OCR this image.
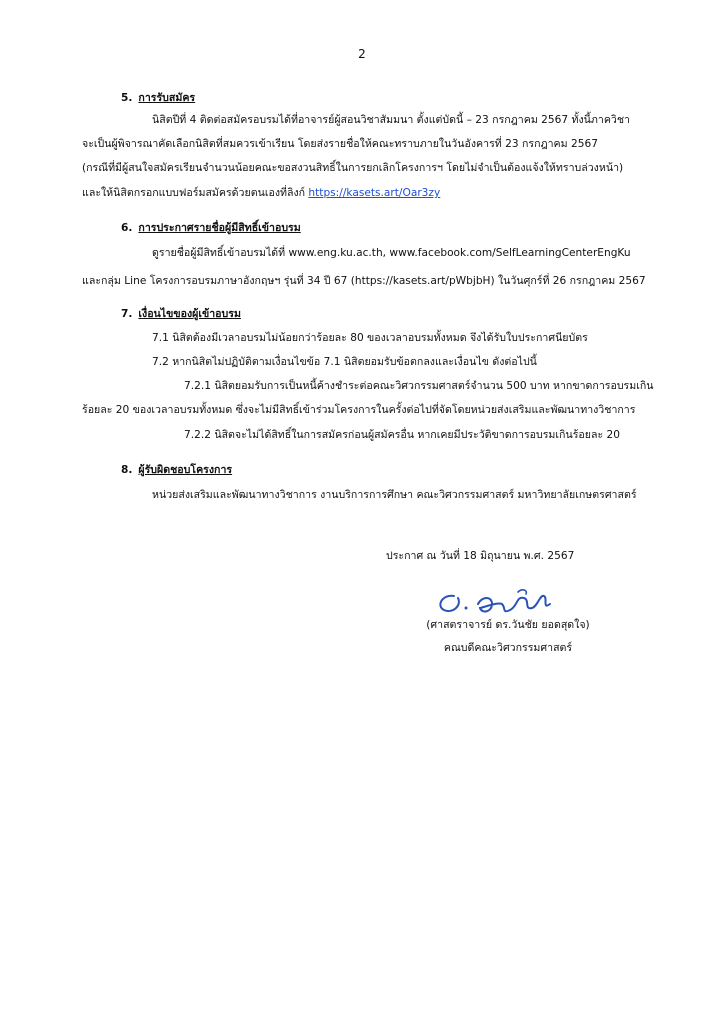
2
5. การรับสมัคร
นิสิตปีที่ 4 ติดต่อสมัครอบรมได้ที่อาจารย์ผู้สอนวิชาสัมมนา ตั้งแต่บัดนี้ – 23 กรกฎาคม 2567 ทั้งนี้ภาควิชา
จะเป็นผู้พิจารณาคัดเลือกนิสิตที่สมควรเข้าเรียน โดยส่งรายชื่อให้คณะทราบภายในวันอังคารที่ 23 กรกฎาคม 2567
(กรณีที่มีผู้สนใจสมัครเรียนจำนวนน้อยคณะขอสงวนสิทธิ์ในการยกเลิกโครงการฯ โดยไม่จำเป็นต้องแจ้งให้ทราบล่วงหน้า)
และให้นิสิตกรอกแบบฟอร์มสมัครด้วยตนเองที่ลิงก์ https://kasets.art/Oar3zy
6. การประกาศรายชื่อผู้มีสิทธิ์เข้าอบรม
ดูรายชื่อผู้มีสิทธิ์เข้าอบรมได้ที่ www.eng.ku.ac.th, www.facebook.com/SelfLearningCenterEngKu
และกลุ่ม Line โครงการอบรมภาษาอังกฤษฯ รุ่นที่ 34 ปี 67 (https://kasets.art/pWbjbH) ในวันศุกร์ที่ 26 กรกฎาคม 2567
7. เงื่อนไขของผู้เข้าอบรม
7.1 นิสิตต้องมีเวลาอบรมไม่น้อยกว่าร้อยละ 80 ของเวลาอบรมทั้งหมด จึงได้รับใบประกาศนียบัตร
7.2 หากนิสิตไม่ปฏิบัติตามเงื่อนไขข้อ 7.1 นิสิตยอมรับข้อตกลงและเงื่อนไข ดังต่อไปนี้
7.2.1 นิสิตยอมรับการเป็นหนี้ค้างชำระต่อคณะวิศวกรรมศาสตร์จำนวน 500 บาท หากขาดการอบรมเกิน
ร้อยละ 20 ของเวลาอบรมทั้งหมด ซึ่งจะไม่มีสิทธิ์เข้าร่วมโครงการในครั้งต่อไปที่จัดโดยหน่วยส่งเสริมและพัฒนาทางวิชาการ
7.2.2 นิสิตจะไม่ได้สิทธิ์ในการสมัครก่อนผู้สมัครอื่น หากเคยมีประวัติขาดการอบรมเกินร้อยละ 20
8. ผู้รับผิดชอบโครงการ
หน่วยส่งเสริมและพัฒนาทางวิชาการ งานบริการการศึกษา คณะวิศวกรรมศาสตร์ มหาวิทยาลัยเกษตรศาสตร์
ประกาศ ณ วันที่ 18 มิถุนายน พ.ศ. 2567
(ศาสตราจารย์ ดร.วันชัย ยอดสุดใจ)
คณบดีคณะวิศวกรรมศาสตร์
